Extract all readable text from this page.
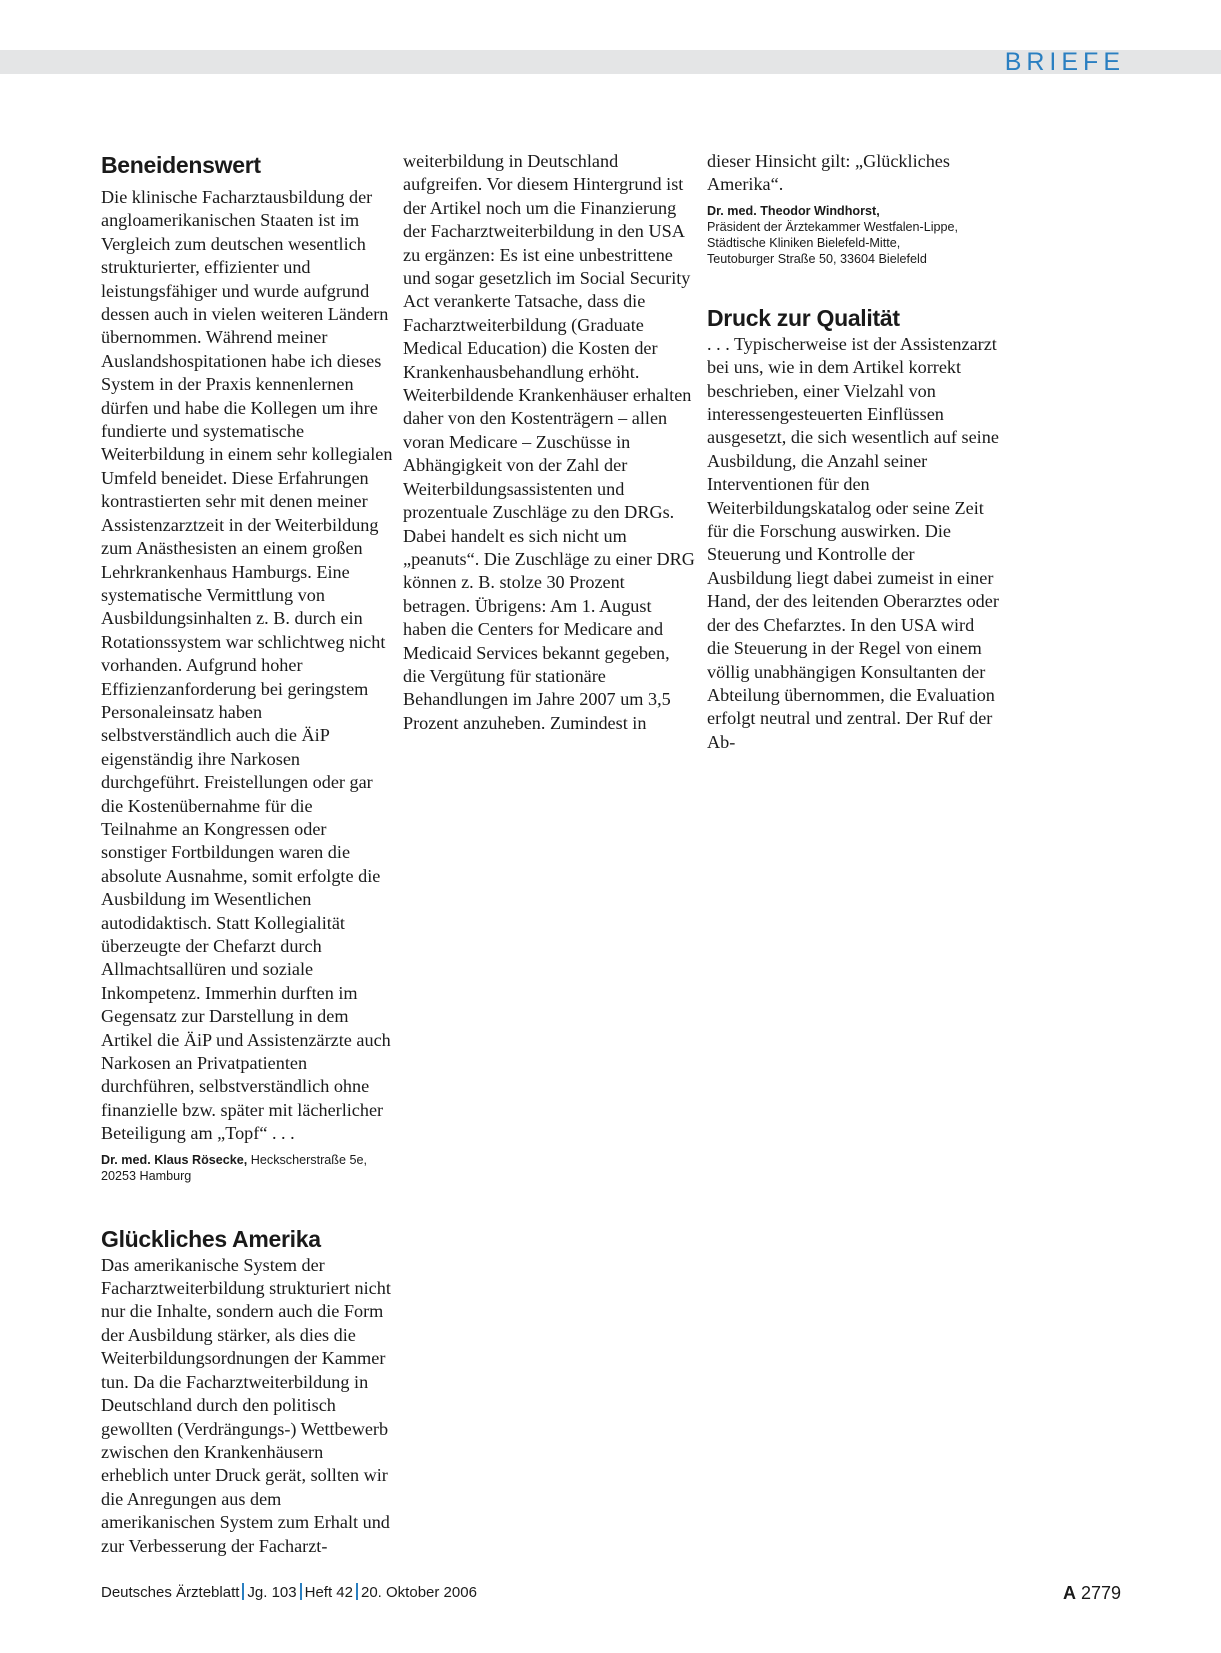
BRIEFE
Beneidenswert

Die klinische Facharztausbildung der angloamerikanischen Staaten ist im Vergleich zum deutschen wesentlich strukturierter, effizienter und leistungsfähiger und wurde aufgrund dessen auch in vielen weiteren Ländern übernommen. Während meiner Auslandshospitationen habe ich dieses System in der Praxis kennenlernen dürfen und habe die Kollegen um ihre fundierte und systematische Weiterbildung in einem sehr kollegialen Umfeld beneidet. Diese Erfahrungen kontrastierten sehr mit denen meiner Assistenzarztzeit in der Weiterbildung zum Anästhesisten an einem großen Lehrkrankenhaus Hamburgs. Eine systematische Vermittlung von Ausbildungsinhalten z. B. durch ein Rotationssystem war schlichtweg nicht vorhanden. Aufgrund hoher Effizienzanforderung bei geringstem Personaleinsatz haben selbstverständlich auch die ÄiP eigenständig ihre Narkosen durchgeführt. Freistellungen oder gar die Kostenübernahme für die Teilnahme an Kongressen oder sonstiger Fortbildungen waren die absolute Ausnahme, somit erfolgte die Ausbildung im Wesentlichen autodidaktisch. Statt Kollegialität überzeugte der Chefarzt durch Allmachtsallüren und soziale Inkompetenz. Immerhin durften im Gegensatz zur Darstellung in dem Artikel die ÄiP und Assistenzärzte auch Narkosen an Privatpatienten durchführen, selbstverständlich ohne finanzielle bzw. später mit lächerlicher Beteiligung am „Topf“ . . .

Dr. med. Klaus Rösecke, Heckscherstraße 5e, 20253 Hamburg
Glückliches Amerika

Das amerikanische System der Facharztweiterbildung strukturiert nicht nur die Inhalte, sondern auch die Form der Ausbildung stärker, als dies die Weiterbildungsordnungen der Kammer tun. Da die Facharztweiterbildung in Deutschland durch den politisch gewollten (Verdrängungs-) Wettbewerb zwischen den Krankenhäusern erheblich unter Druck gerät, sollten wir die Anregungen aus dem amerikanischen System zum Erhalt und zur Verbesserung der Facharzt-

weiterbildung in Deutschland aufgreifen. Vor diesem Hintergrund ist der Artikel noch um die Finanzierung der Facharztweiterbildung in den USA zu ergänzen: Es ist eine unbestrittene und sogar gesetzlich im Social Security Act verankerte Tatsache, dass die Facharztweiterbildung (Graduate Medical Education) die Kosten der Krankenhausbehandlung erhöht. Weiterbildende Krankenhäuser erhalten daher von den Kostenträgern – allen voran Medicare – Zuschüsse in Abhängigkeit von der Zahl der Weiterbildungsassistenten und prozentuale Zuschläge zu den DRGs. Dabei handelt es sich nicht um „peanuts“. Die Zuschläge zu einer DRG können z. B. stolze 30 Prozent betragen. Übrigens: Am 1. August haben die Centers for Medicare and Medicaid Services bekannt gegeben, die Vergütung für stationäre Behandlungen im Jahre 2007 um 3,5 Prozent anzuheben. Zumindest in

dieser Hinsicht gilt: „Glückliches Amerika“.

Dr. med. Theodor Windhorst,
Präsident der Ärztekammer Westfalen-Lippe,
Städtische Kliniken Bielefeld-Mitte,
Teutoburger Straße 50, 33604 Bielefeld
Druck zur Qualität

. . . Typischerweise ist der Assistenzarzt bei uns, wie in dem Artikel korrekt beschrieben, einer Vielzahl von interessengesteuerten Einflüssen ausgesetzt, die sich wesentlich auf seine Ausbildung, die Anzahl seiner Interventionen für den Weiterbildungskatalog oder seine Zeit für die Forschung auswirken. Die Steuerung und Kontrolle der Ausbildung liegt dabei zumeist in einer Hand, der des leitenden Oberarztes oder der des Chefarztes. In den USA wird die Steuerung in der Regel von einem völlig unabhängigen Konsultanten der Abteilung übernommen, die Evaluation erfolgt neutral und zentral. Der Ruf der Ab-

Deutsches Ärzteblatt Jg. 103 Heft 42 20. Oktober 2006	A 2779
